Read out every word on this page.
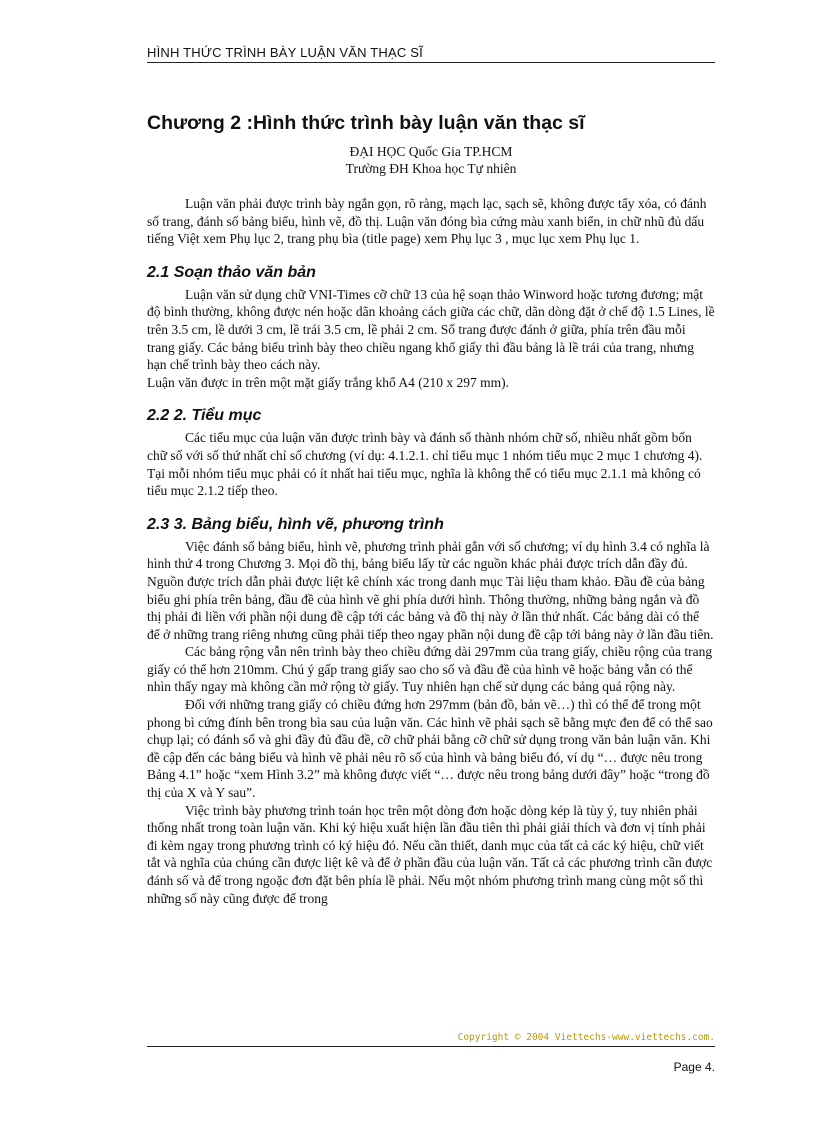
HÌNH THỨC TRÌNH BÀY LUẬN VĂN THẠC SĨ
Chương 2 :Hình thức trình bày luận văn thạc sĩ

ĐẠI HỌC Quốc Gia TP.HCM

Trường ĐH Khoa học Tự nhiên

Luận văn phải được trình bày ngắn gọn, rõ ràng, mạch lạc, sạch sẽ, không được tẩy xóa, có đánh số trang, đánh số bảng biểu, hình vẽ, đồ thị. Luận văn đóng bìa cứng màu xanh biển, in chữ nhũ đủ dấu tiếng Việt xem Phụ lục 2, trang phụ bìa (title page) xem Phụ lục 3 , mục lục xem Phụ lục 1.

2.1 Soạn thảo văn bản

Luận văn sử dụng chữ VNI-Times cỡ chữ 13 của hệ soạn thảo Winword hoặc tương đương; mật độ bình thường, không được nén hoặc dãn khoảng cách giữa các chữ, dãn dòng đặt ở chế độ 1.5 Lines, lề trên 3.5 cm, lề dưới 3 cm, lề trái 3.5 cm, lề phải 2 cm. Số trang được đánh ở giữa, phía trên đầu mỗi trang giấy. Các bảng biểu trình bày theo chiều ngang khổ giấy thì đầu bảng là lề trái của trang, nhưng hạn chế trình bày theo cách này.

Luận văn được in trên một mặt giấy trắng khổ A4 (210 x 297 mm).

2.2 2. Tiểu mục

Các tiểu mục của luận văn được trình bày và đánh số thành nhóm chữ số, nhiều nhất gồm bốn chữ số với số thứ nhất chỉ số chương (ví dụ: 4.1.2.1. chỉ tiểu mục 1 nhóm tiểu mục 2 mục 1 chương 4). Tại mỗi nhóm tiểu mục phải có ít nhất hai tiểu mục, nghĩa là không thể có tiểu mục 2.1.1 mà không có tiểu mục 2.1.2 tiếp theo.

2.3 3. Bảng biểu, hình vẽ, phương trình

Việc đánh số bảng biểu, hình vẽ, phương trình phải gắn với số chương; ví dụ hình 3.4 có nghĩa là hình thứ 4 trong Chương 3. Mọi đồ thị, bảng biểu lấy từ các nguồn khác phải được trích dẫn đầy đủ. Nguồn được trích dẫn phải được liệt kê chính xác trong danh mục Tài liệu tham khảo. Đầu đề của bảng biểu ghi phía trên bảng, đầu đề của hình vẽ ghi phía dưới hình. Thông thường, những bảng ngắn và đồ thị phải đi liền với phần nội dung đề cập tới các bảng và đồ thị này ở lần thứ nhất. Các bảng dài có thể để ở những trang riêng nhưng cũng phải tiếp theo ngay phần nội dung đề cập tới bảng này ở lần đầu tiên.

Các bảng rộng vẫn nên trình bày theo chiều đứng dài 297mm của trang giấy, chiều rộng của trang giấy có thể hơn 210mm. Chú ý gấp trang giấy sao cho số và đầu đề của hình vẽ hoặc bảng vẫn có thể nhìn thấy ngay mà không cần mở rộng tờ giấy. Tuy nhiên hạn chế sử dụng các bảng quá rộng này.

Đối với những trang giấy có chiều đứng hơn 297mm (bản đồ, bản vẽ…) thì có thể để trong một phong bì cứng đính bên trong bìa sau của luận văn. Các hình vẽ phải sạch sẽ bằng mực đen để có thể sao chụp lại; có đánh số và ghi đầy đủ đầu đề, cỡ chữ phải bằng cỡ chữ sử dụng trong văn bản luận văn. Khi đề cập đến các bảng biểu và hình vẽ phải nêu rõ số của hình và bảng biểu đó, ví dụ “… được nêu trong Bảng 4.1” hoặc “xem Hình 3.2” mà không được viết “… được nêu trong bảng dưới đây” hoặc “trong đồ thị của X và Y sau”.

Việc trình bày phương trình toán học trên một dòng đơn hoặc dòng kép là tùy ý, tuy nhiên phải thống nhất trong toàn luận văn. Khi ký hiệu xuất hiện lần đầu tiên thì phải giải thích và đơn vị tính phải đi kèm ngay trong phương trình có ký hiệu đó. Nếu cần thiết, danh mục của tất cả các ký hiệu, chữ viết tắt và nghĩa của chúng cần được liệt kê và để ở phần đầu của luận văn. Tất cả các phương trình cần được đánh số và để trong ngoặc đơn đặt bên phía lề phải. Nếu một nhóm phương trình mang cùng một số thì những số này cũng được để trong

Copyright © 2004 Viettechs-www.viettechs.com.
Page 4.
